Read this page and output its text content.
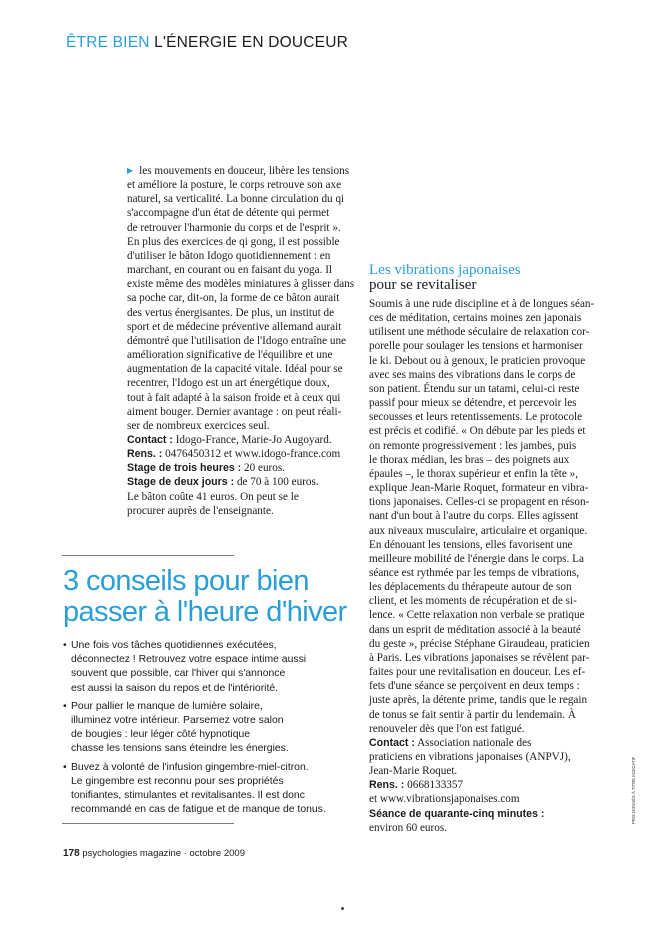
ÊTRE BIEN L'ÉNERGIE EN DOUCEUR
▶ les mouvements en douceur, libère les tensions
et améliore la posture, le corps retrouve son axe
naturel, sa verticalité. La bonne circulation du qi
s'accompagne d'un état de détente qui permet
de retrouver l'harmonie du corps et de l'esprit ».
En plus des exercices de qi gong, il est possible
d'utiliser le bâton Idogo quotidiennement : en
marchant, en courant ou en faisant du yoga. Il
existe même des modèles miniatures à glisser dans
sa poche car, dit-on, la forme de ce bâton aurait
des vertus énergisantes. De plus, un institut de
sport et de médecine préventive allemand aurait
démontré que l'utilisation de l'Idogo entraîne une
amélioration significative de l'équilibre et une
augmentation de la capacité vitale. Idéal pour se
recentrer, l'Idogo est un art énergétique doux,
tout à fait adapté à la saison froide et à ceux qui
aiment bouger. Dernier avantage : on peut réali-
ser de nombreux exercices seul.
Contact : Idogo-France, Marie-Jo Augoyard.
Rens. : 0476450312 et www.idogo-france.com
Stage de trois heures : 20 euros.
Stage de deux jours : de 70 à 100 euros.
Le bâton coûte 41 euros. On peut se le
procurer auprès de l'enseignante.
3 conseils pour bien
passer à l'heure d'hiver
• Une fois vos tâches quotidiennes exécutées,
déconnectez ! Retrouvez votre espace intime aussi
souvent que possible, car l'hiver qui s'annonce
est aussi la saison du repos et de l'intériorité.
• Pour pallier le manque de lumière solaire,
illuminez votre intérieur. Parsemez votre salon
de bougies : leur léger côté hypnotique
chasse les tensions sans éteindre les énergies.
• Buvez à volonté de l'infusion gingembre-miel-citron.
Le gingembre est reconnu pour ses propriétés
tonifiantes, stimulantes et revitalisantes. Il est donc
recommandé en cas de fatigue et de manque de tonus.
Les vibrations japonaises
pour se revitaliser
Soumis à une rude discipline et à de longues séan-
ces de méditation, certains moines zen japonais
utilisent une méthode séculaire de relaxation cor-
porelle pour soulager les tensions et harmoniser
le ki. Debout ou à genoux, le praticien provoque
avec ses mains des vibrations dans le corps de
son patient. Étendu sur un tatami, celui-ci reste
passif pour mieux se détendre, et percevoir les
secousses et leurs retentissements. Le protocole
est précis et codifié. « On débute par les pieds et
on remonte progressivement : les jambes, puis
le thorax médian, les bras – des poignets aux
épaules –, le thorax supérieur et enfin la tête »,
explique Jean-Marie Roquet, formateur en vibra-
tions japonaises. Celles-ci se propagent en réson-
nant d'un bout à l'autre du corps. Elles agissent
aux niveaux musculaire, articulaire et organique.
En dénouant les tensions, elles favorisent une
meilleure mobilité de l'énergie dans le corps. La
séance est rythmée par les temps de vibrations,
les déplacements du thérapeute autour de son
client, et les moments de récupération et de si-
lence. « Cette relaxation non verbale se pratique
dans un esprit de méditation associé à la beauté
du geste », précise Stéphane Giraudeau, praticien
à Paris. Les vibrations japonaises se révèlent par-
faites pour une revitalisation en douceur. Les ef-
fets d'une séance se perçoivent en deux temps :
juste après, la détente prime, tandis que le regain
de tonus se fait sentir à partir du lendemain. À
renouveler dès que l'on est fatigué.
Contact : Association nationale des
praticiens en vibrations japonaises (ANPVJ),
Jean-Marie Roquet.
Rens. : 0668133357
et www.vibrationsjaponaises.com
Séance de quarante-cinq minutes :
environ 60 euros.
PRIX DONNÉS À TITRE INDICATIF
178 psychologies magazine · octobre 2009
